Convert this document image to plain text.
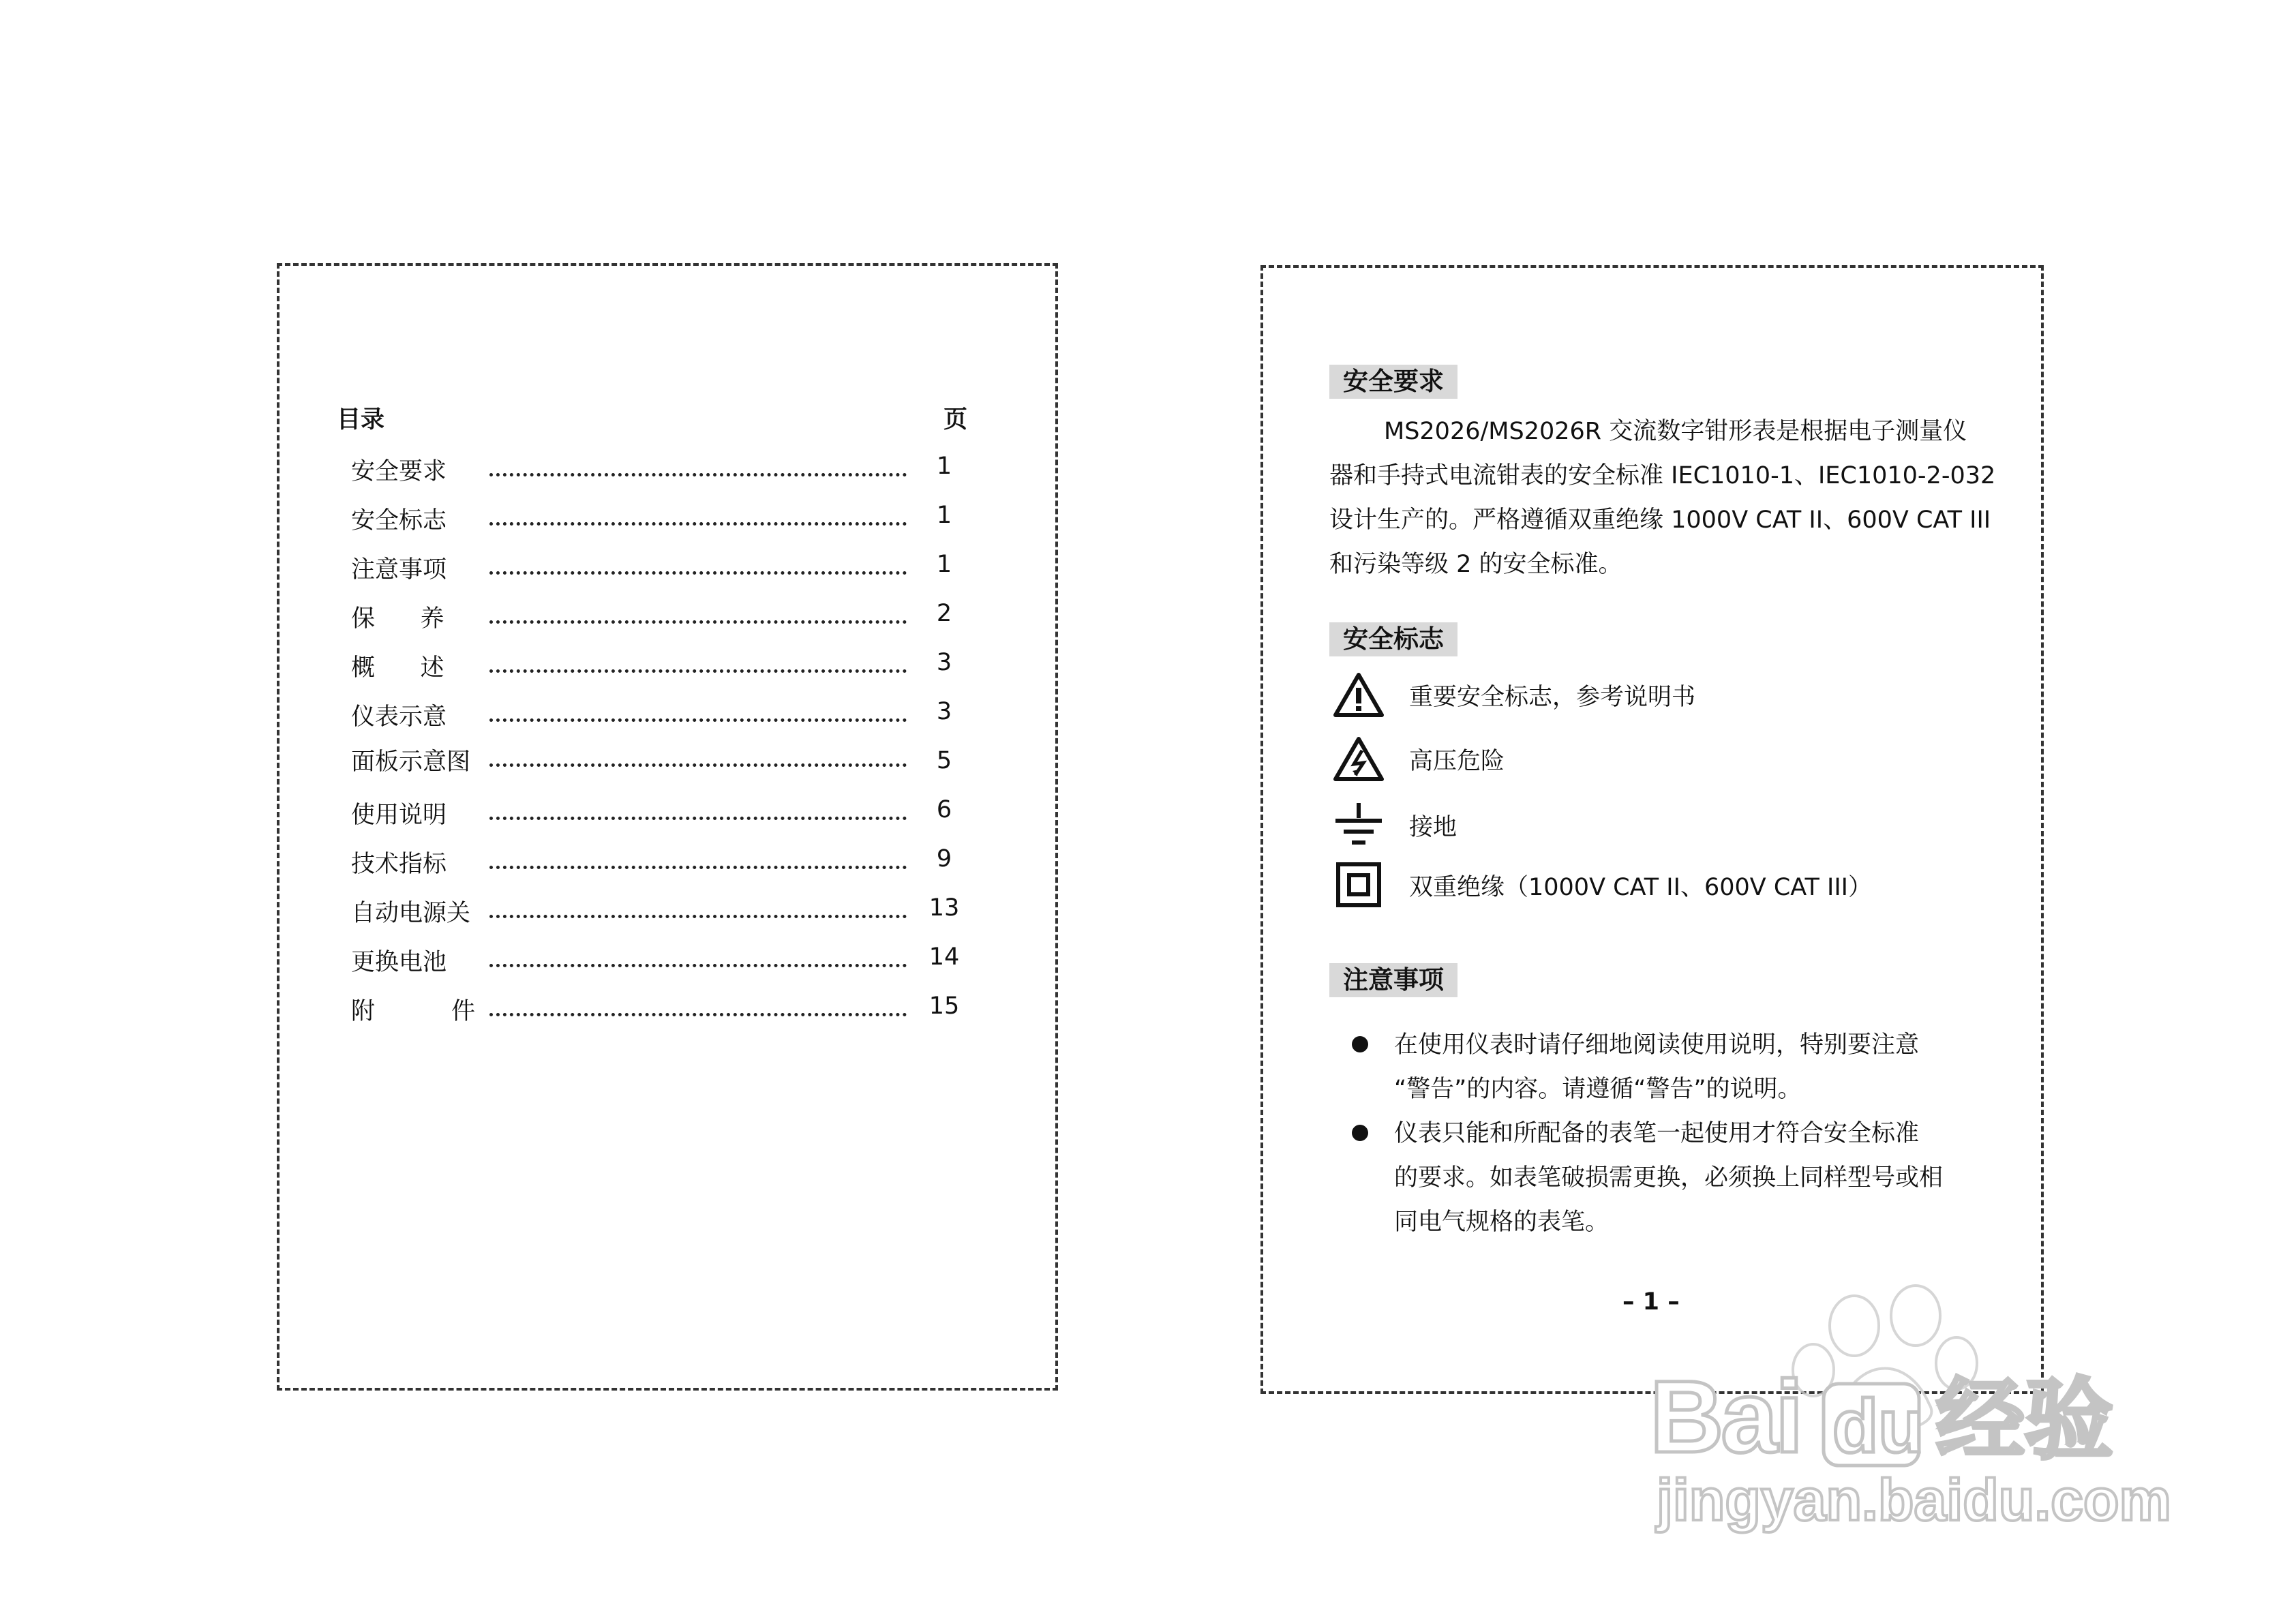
目录	页
安全要求	1
安全标志	1
注意事项	1
保养	2
概述	3
仪表示意	3
面板示意图	5
使用说明	6
技术指标	9
自动电源关	13
更换电池	14
附件	15
安全要求
MS2026/MS2026R 交流数字钳形表是根据电子测量仪
器和手持式电流钳表的安全标准 IEC1010-1、IEC1010-2-032
设计生产的。严格遵循双重绝缘 1000V CAT II、600V CAT III
和污染等级 2 的安全标准。
安全标志
重要安全标志，参考说明书
高压危险
接地
双重绝缘（1000V CAT II、600V CAT III）
注意事项
在使用仪表时请仔细地阅读使用说明，特别要注意
“警告”的内容。请遵循“警告”的说明。
仪表只能和所配备的表笔一起使用才符合安全标准
的要求。如表笔破损需更换，必须换上同样型号或相
同电气规格的表笔。
– 1 –
Bai du 经验
jingyan.baidu.com
